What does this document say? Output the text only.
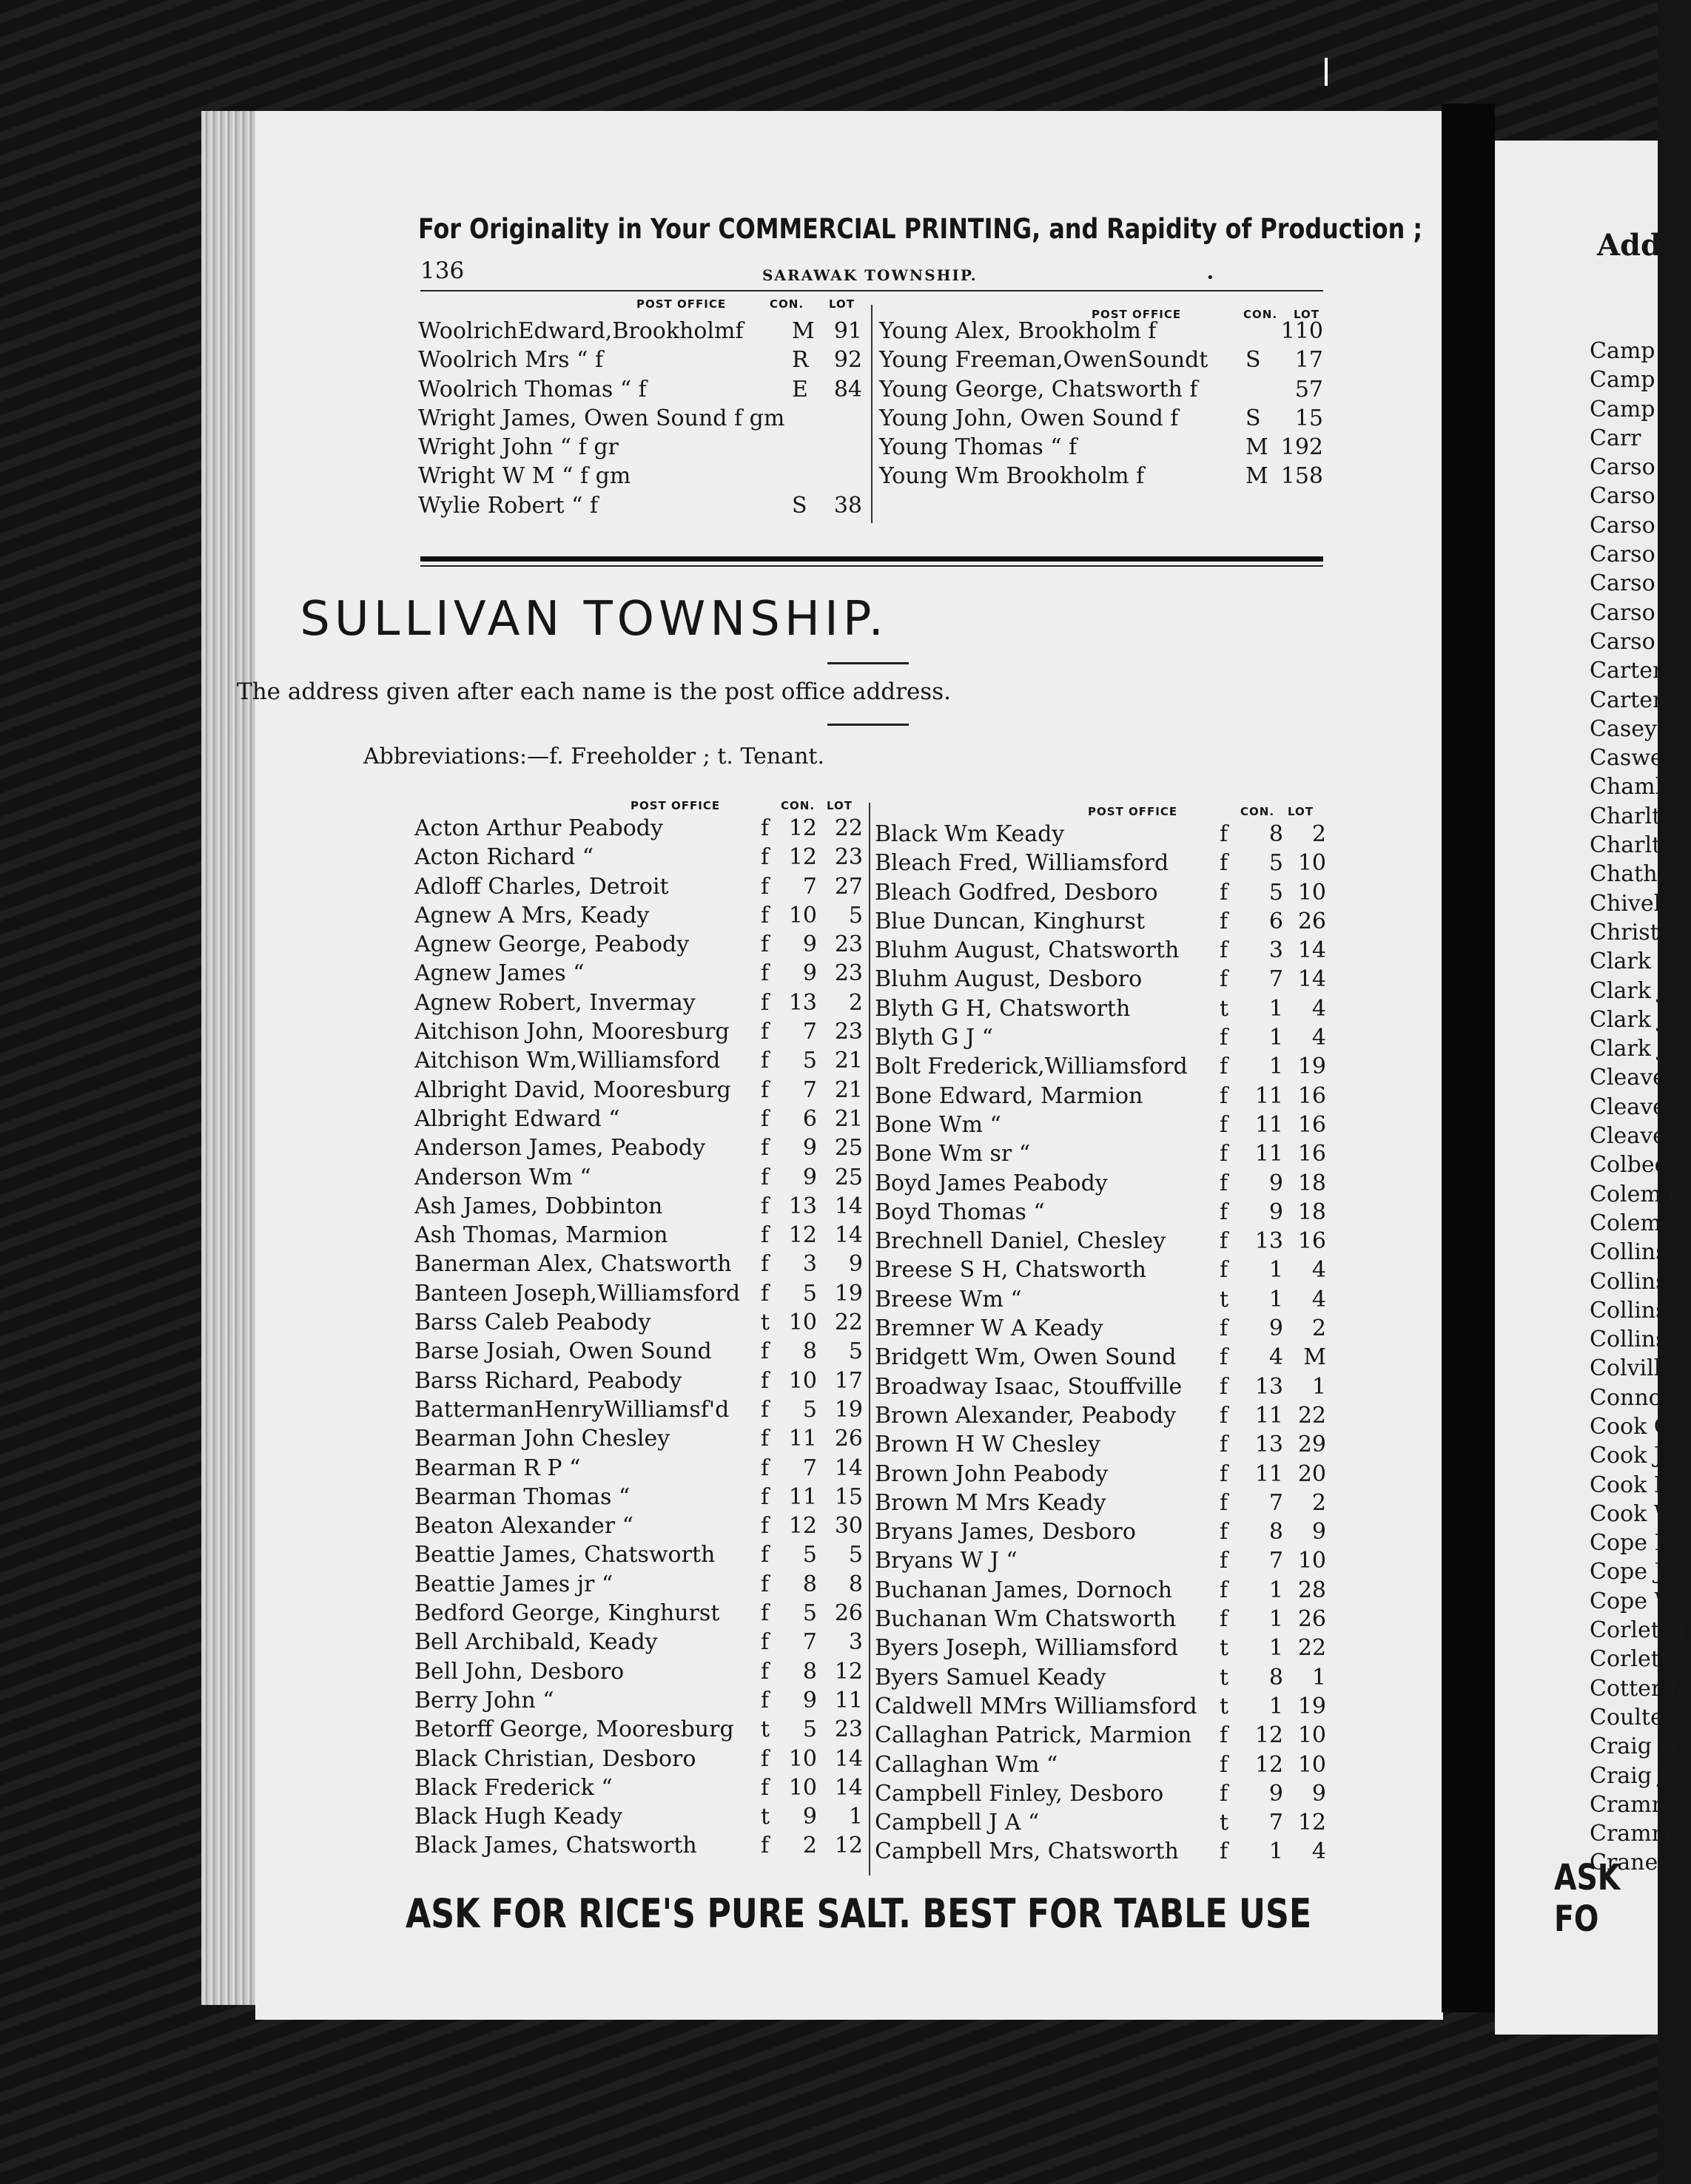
For Originality in Your COMMERCIAL PRINTING, and Rapidity of Production ;
136	SARAWAK TOWNSHIP.	•
POST OFFICE	CON. LOT
POST OFFICE	CON. LOT
WoolrichEdward,Brookholmf M 91
Woolrich Mrs “ f	R 92
Woolrich Thomas “ f	E 84
Wright James, Owen Sound f gm
Wright John “ f gr
Wright W M “ f gm
Wylie Robert “ f	S 38
Young Alex, Brookholm f	110
Young Freeman,OwenSoundt S 17
Young George, Chatsworth f	57
Young John, Owen Sound f	S 15
Young Thomas “ f	M 192
Young Wm Brookholm f	M 158
SULLIVAN TOWNSHIP.
The address given after each name is the post office address.
Abbreviations:—f. Freeholder ; t. Tenant.
POST OFFICE	CON. LOT	POST OFFICE	CON. LOT
Acton Arthur Peabody	f 12 22
Acton Richard “	f 12 23
Adloff Charles, Detroit	f 7 27
Agnew A Mrs, Keady	f 10 5
Agnew George, Peabody	f 9 23
Agnew James “	f 9 23
Agnew Robert, Invermay	f 13 2
Aitchison John, Mooresburg f 7 23
Aitchison Wm,Williamsford f 5 21
Albright David, Mooresburg f 7 21
Albright Edward “	f 6 21
Anderson James, Peabody f 9 25
Anderson Wm “	f 9 25
Ash James, Dobbinton	f 13 14
Ash Thomas, Marmion	f 12 14
Banerman Alex, Chatsworth f 3 9
Banteen Joseph,Williamsford f 5 19
Barss Caleb Peabody	t 10 22
Barse Josiah, Owen Sound f 8 5
Barss Richard, Peabody	f 10 17
BattermanHenryWilliamsf'd f 5 19
Bearman John Chesley	f 11 26
Bearman R P “	f 7 14
Bearman Thomas “	f 11 15
Beaton Alexander “	f 12 30
Beattie James, Chatsworth f 5 5
Beattie James jr “	f 8 8
Bedford George, Kinghurst f 5 26
Bell Archibald, Keady	f 7 3
Bell John, Desboro	f 8 12
Berry John “	f 9 11
Betorff George, Mooresburg t 5 23
Black Christian, Desboro	f 10 14
Black Frederick “	f 10 14
Black Hugh Keady	t 9 1
Black James, Chatsworth	f 2 12
Black Wm Keady	f 8 2
Bleach Fred, Williamsford f 5 10
Bleach Godfred, Desboro	f 5 10
Blue Duncan, Kinghurst	f 6 26
Bluhm August, Chatsworth f 3 14
Bluhm August, Desboro	f 7 14
Blyth G H, Chatsworth	t 1 4
Blyth G J “	f 1 4
Bolt Frederick,Williamsford f 1 19
Bone Edward, Marmion	f 11 16
Bone Wm “	f 11 16
Bone Wm sr “	f 11 16
Boyd James Peabody	f 9 18
Boyd Thomas “	f 9 18
Brechnell Daniel, Chesley f 13 16
Breese S H, Chatsworth	f 1 4
Breese Wm “	t 1 4
Bremner W A Keady	f 9 2
Bridgett Wm, Owen Sound f 4 M
Broadway Isaac, Stouffville f 13 1
Brown Alexander, Peabody f 11 22
Brown H W Chesley	f 13 29
Brown John Peabody	f 11 20
Brown M Mrs Keady	f 7 2
Bryans James, Desboro	f 8 9
Bryans W J “	f 7 10
Buchanan James, Dornoch f 1 28
Buchanan Wm Chatsworth f 1 26
Byers Joseph, Williamsford t 1 22
Byers Samuel Keady	t 8 1
Caldwell MMrs Williamsford t 1 19
Callaghan Patrick, Marmion f 12 10
Callaghan Wm “	f 12 10
Campbell Finley, Desboro	f 9 9
Campbell J A “	t 7 12
Campbell Mrs, Chatsworth f 1 4
ASK FOR RICE'S PURE SALT. BEST FOR TABLE USE
Add
Camp
Camp
Camp
Carr
Carso
Carso
Carso
Carso
Carso
Carso
Carso
Carter
Carter
Casey
Caswe
Chaml
Charlt
Charlt
Chatha
Chivell
Christi
Clark A
Clark J
Clark J
Clark J
Cleaver
Cleaver
Cleaver
Colbeck
Colema
Colema
Collins
Collins
Collins
Collins
Colville
Connor
Cook Ge
Cook Jo
Cook Ro
Cook W
Cope H
Cope J
Cope W
Corlett J
Corlett
Cotter Jo
Coulter
Craig D
Craig Ja
Cramm
Cramm
Crane Je
ASK FO
